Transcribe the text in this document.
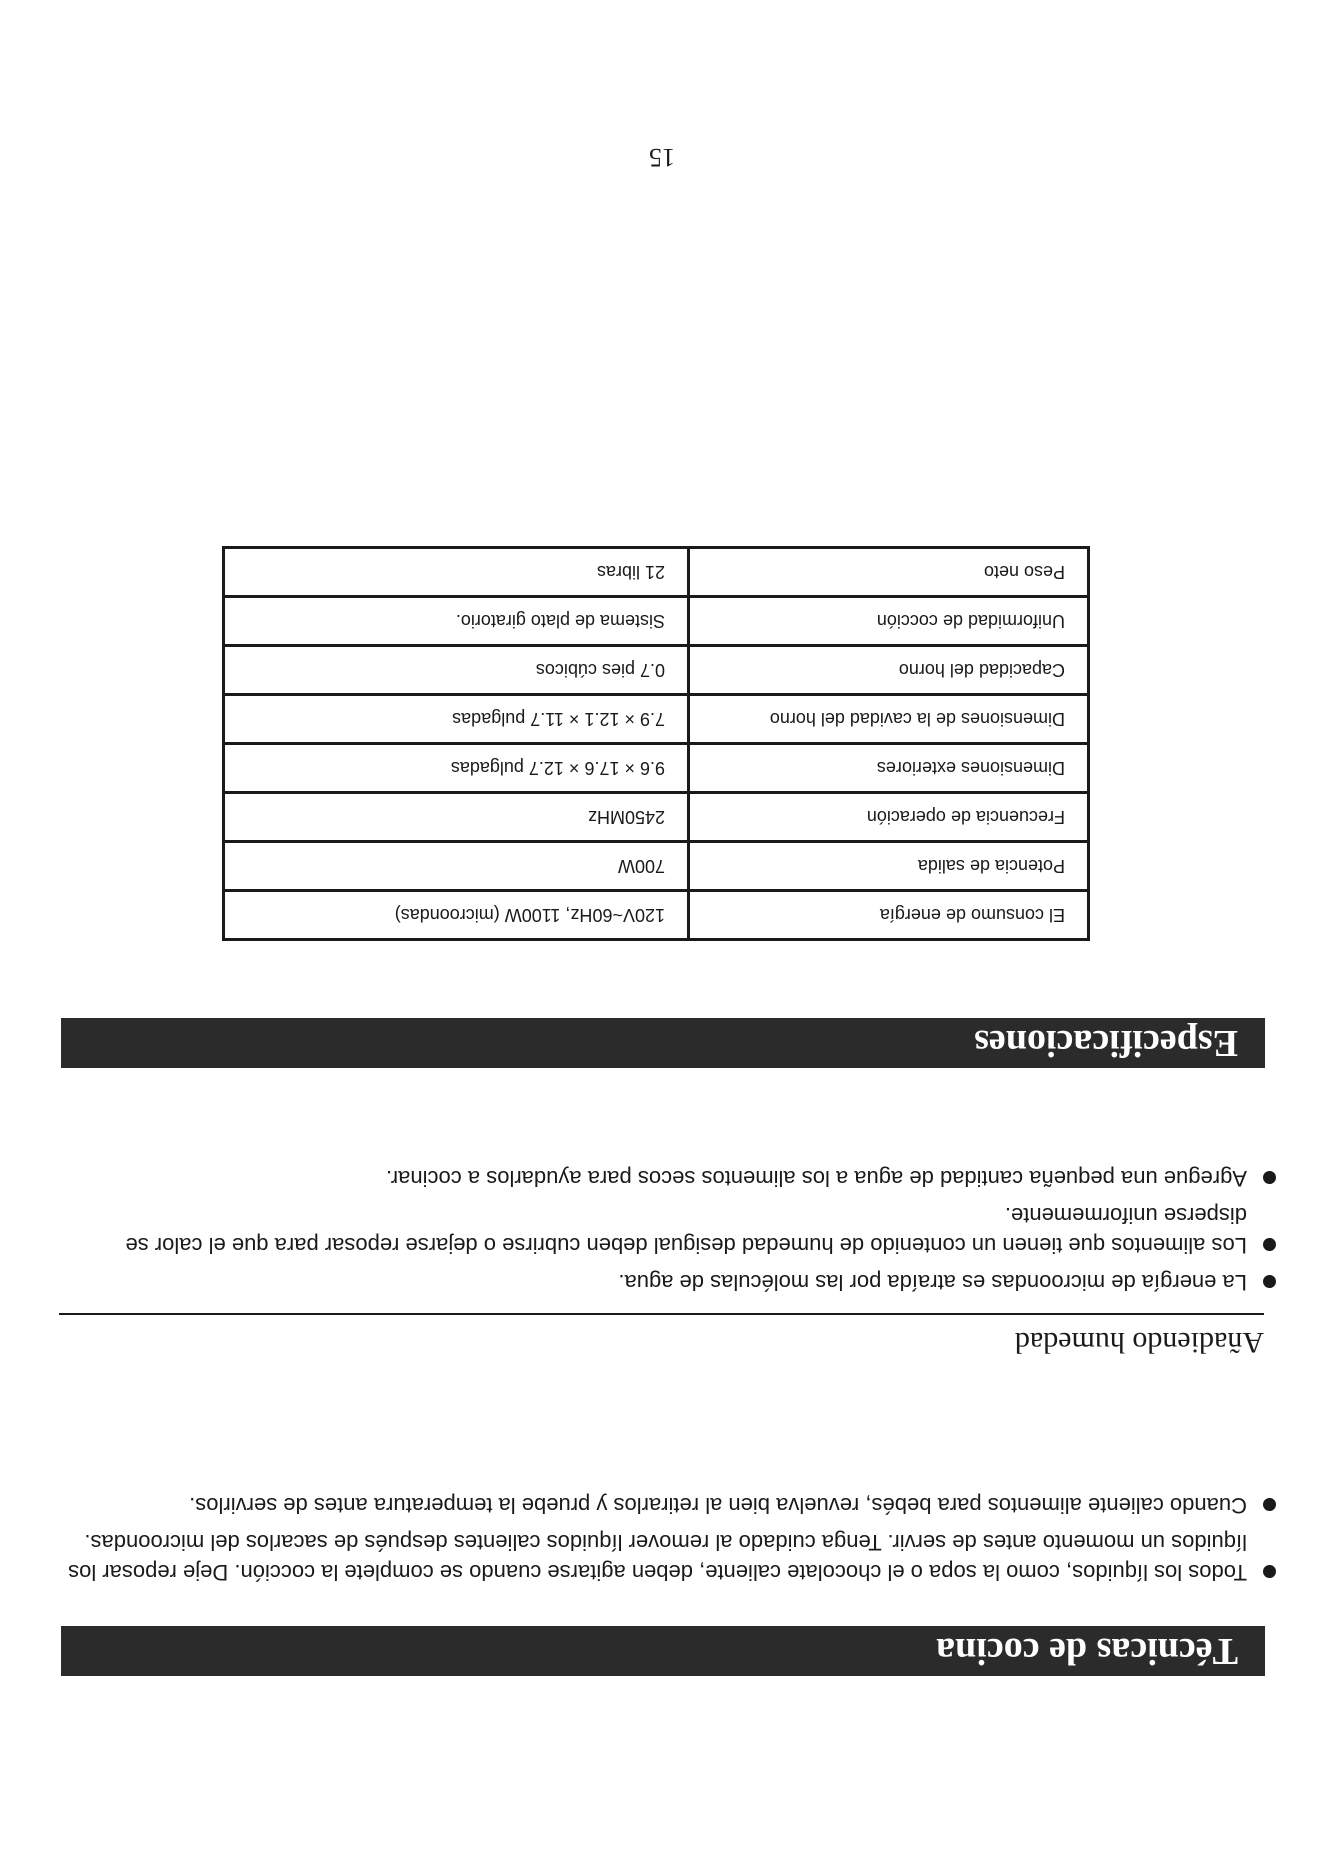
Técnicas de cocina
Todos los líquidos, como la sopa o el chocolate caliente, deben agitarse cuando se complete la cocción. Deje reposar los líquidos un momento antes de servir. Tenga cuidado al remover líquidos calientes después de sacarlos del microondas.
Cuando caliente alimentos para bebés, revuelva bien al retirarlos y pruebe la temperatura antes de servirlos.
Añadiendo humedad
La energía de microondas es atraída por las moléculas de agua.
Los alimentos que tienen un contenido de humedad desigual deben cubrirse o dejarse reposar para que el calor se disperse uniformemente.
Agregue una pequeña cantidad de agua a los alimentos secos para ayudarlos a cocinar.
Especificaciones
El consumo de energía	120V~60Hz, 1100W (microondas)
Potencia de salida	700W
Frecuencia de operación	2450MHz
Dimensiones exteriores	9.6 × 17.6 × 12.7 pulgadas
Dimensiones de la cavidad del horno	7.9 × 12.1 × 11.7 pulgadas
Capacidad del horno	0.7 pies cúbicos
Uniformidad de cocción	Sistema de plato giratorio.
Peso neto	21 libras
15
